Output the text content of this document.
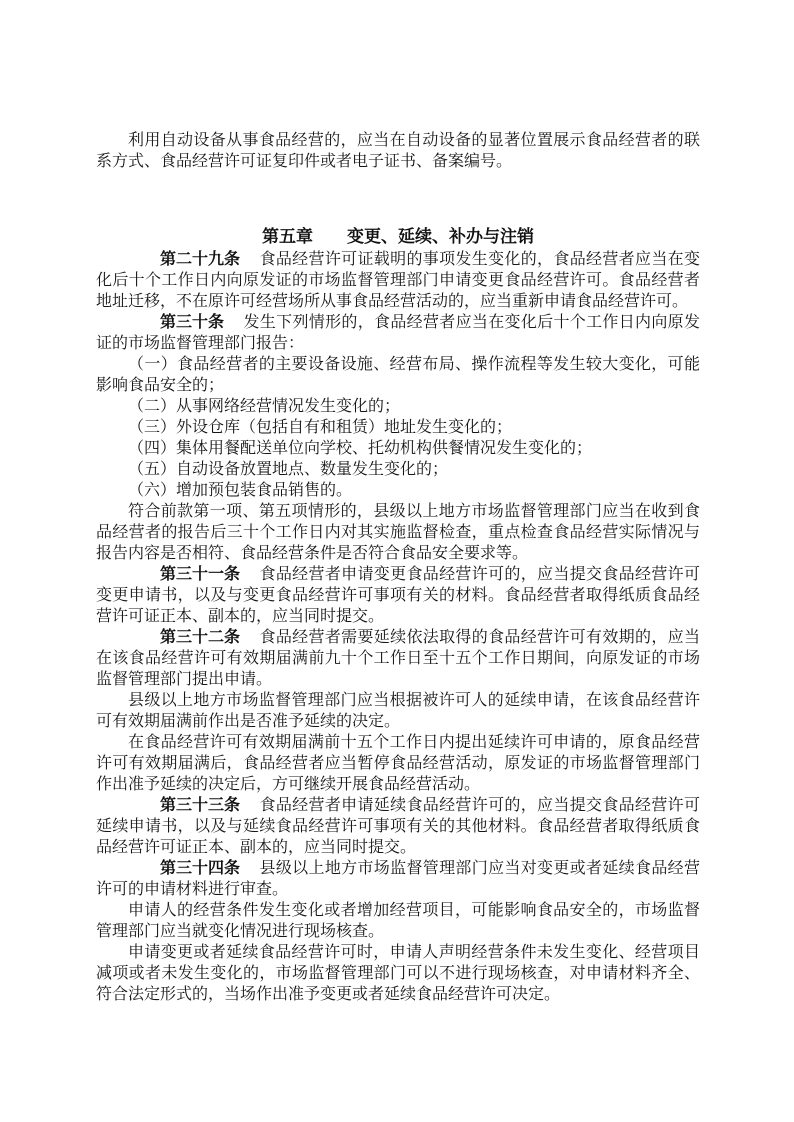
利用自动设备从事食品经营的，应当在自动设备的显著位置展示食品经营者的联系方式、食品经营许可证复印件或者电子证书、备案编号。

第五章 变更、延续、补办与注销

第二十九条 食品经营许可证载明的事项发生变化的，食品经营者应当在变化后十个工作日内向原发证的市场监督管理部门申请变更食品经营许可。食品经营者地址迁移，不在原许可经营场所从事食品经营活动的，应当重新申请食品经营许可。

第三十条 发生下列情形的，食品经营者应当在变化后十个工作日内向原发证的市场监督管理部门报告：

（一）食品经营者的主要设备设施、经营布局、操作流程等发生较大变化，可能影响食品安全的；

（二）从事网络经营情况发生变化的；

（三）外设仓库（包括自有和租赁）地址发生变化的；

（四）集体用餐配送单位向学校、托幼机构供餐情况发生变化的；

（五）自动设备放置地点、数量发生变化的；

（六）增加预包装食品销售的。

符合前款第一项、第五项情形的，县级以上地方市场监督管理部门应当在收到食品经营者的报告后三十个工作日内对其实施监督检查，重点检查食品经营实际情况与报告内容是否相符、食品经营条件是否符合食品安全要求等。

第三十一条 食品经营者申请变更食品经营许可的，应当提交食品经营许可变更申请书，以及与变更食品经营许可事项有关的材料。食品经营者取得纸质食品经营许可证正本、副本的，应当同时提交。

第三十二条 食品经营者需要延续依法取得的食品经营许可有效期的，应当在该食品经营许可有效期届满前九十个工作日至十五个工作日期间，向原发证的市场监督管理部门提出申请。

县级以上地方市场监督管理部门应当根据被许可人的延续申请，在该食品经营许可有效期届满前作出是否准予延续的决定。

在食品经营许可有效期届满前十五个工作日内提出延续许可申请的，原食品经营许可有效期届满后，食品经营者应当暂停食品经营活动，原发证的市场监督管理部门作出准予延续的决定后，方可继续开展食品经营活动。

第三十三条 食品经营者申请延续食品经营许可的，应当提交食品经营许可延续申请书，以及与延续食品经营许可事项有关的其他材料。食品经营者取得纸质食品经营许可证正本、副本的，应当同时提交。

第三十四条 县级以上地方市场监督管理部门应当对变更或者延续食品经营许可的申请材料进行审查。

申请人的经营条件发生变化或者增加经营项目，可能影响食品安全的，市场监督管理部门应当就变化情况进行现场核查。

申请变更或者延续食品经营许可时，申请人声明经营条件未发生变化、经营项目减项或者未发生变化的，市场监督管理部门可以不进行现场核查，对申请材料齐全、符合法定形式的，当场作出准予变更或者延续食品经营许可决定。
